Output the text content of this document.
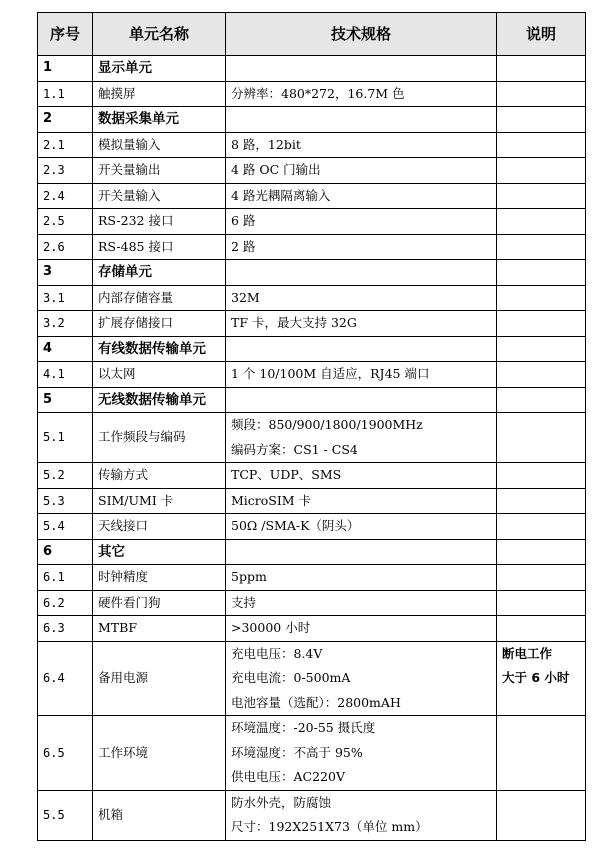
序号	单元名称	技术规格	说明
1	显示单元		
1.1	触摸屏	分辨率：480*272，16.7M 色	

2	数据采集单元		
2.1	模拟量输入	8 路，12bit	

2.3	开关量输出	4 路 OC 门输出	

2.4	开关量输入	4 路光耦隔离输入	

2.5	RS-232 接口	6 路	

2.6	RS-485 接口	2 路	

3	存储单元		
3.1	内部存储容量	32M	

3.2	扩展存储接口	TF 卡，最大支持 32G	

4	有线数据传输单元		
4.1	以太网	1 个 10/100M 自适应，RJ45 端口	

5	无线数据传输单元		
5.1	工作频段与编码	频段：850/900/1800/1900MHz
编码方案：CS1 - CS4	

5.2	传输方式	TCP、UDP、SMS	

5.3	SIM/UMI 卡	MicroSIM 卡	

5.4	天线接口	50Ω /SMA-K（阴头）	

6	其它		
6.1	时钟精度	5ppm	

6.2	硬件看门狗	支持	

6.3	MTBF	>30000 小时	

6.4	备用电源	充电电压：8.4V
充电电流：0-500mA
电池容量（选配）：2800mAH	断电工作
大于 6 小时

6.5	工作环境	环境温度：-20-55 摄氏度
环境湿度：不高于 95%
供电电压：AC220V	

5.5	机箱	防水外壳，防腐蚀
尺寸：192X251X73（单位 mm）	
